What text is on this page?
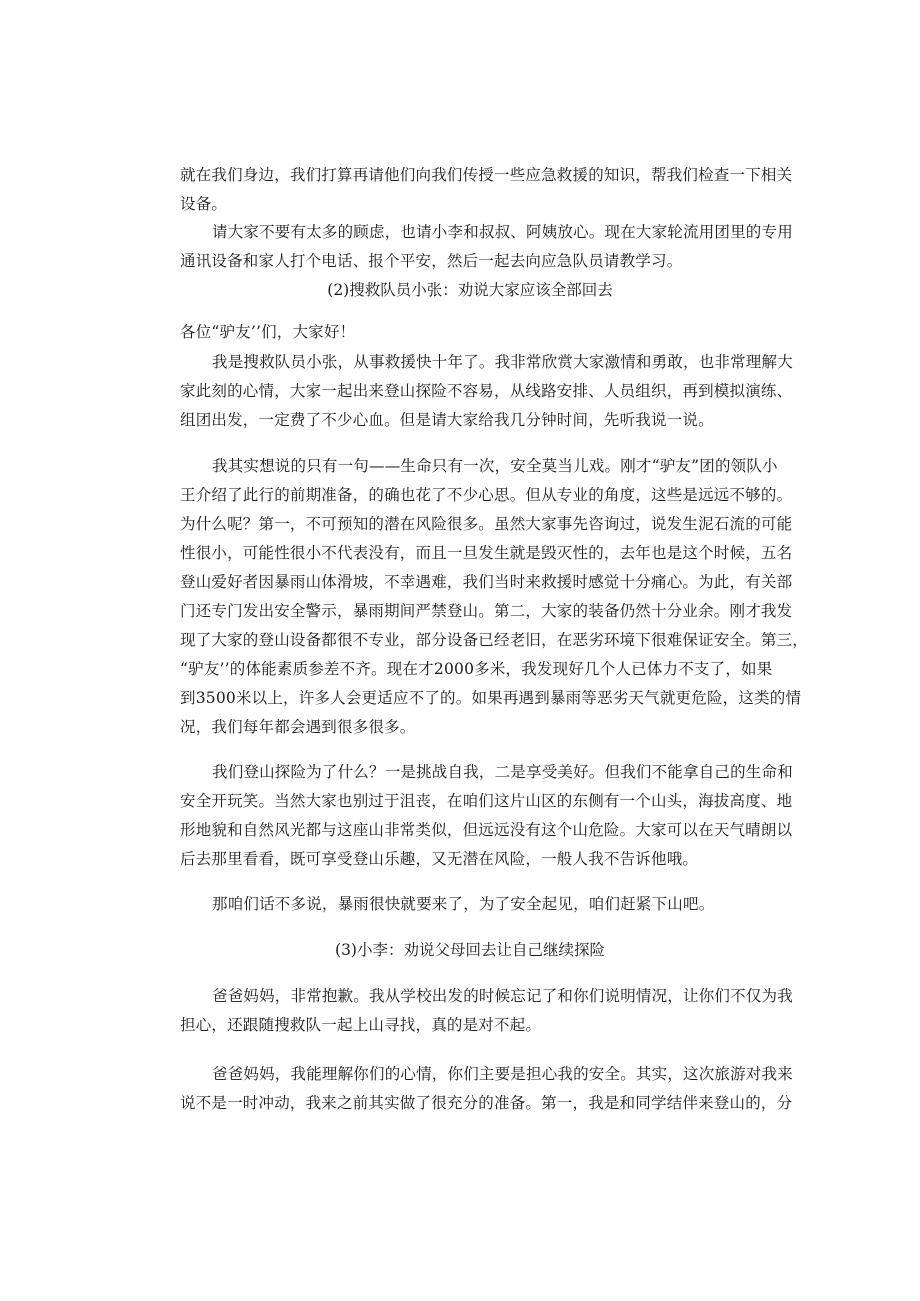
就在我们身边，我们打算再请他们向我们传授一些应急救援的知识，帮我们检查一下相关
设备。
请大家不要有太多的顾虑，也请小李和叔叔、阿姨放心。现在大家轮流用团里的专用
通讯设备和家人打个电话、报个平安，然后一起去向应急队员请教学习。
(2)搜救队员小张：劝说大家应该全部回去
各位“驴友’’们，大家好！
我是搜救队员小张，从事救援快十年了。我非常欣赏大家激情和勇敢，也非常理解大
家此刻的心情，大家一起出来登山探险不容易，从线路安排、人员组织，再到模拟演练、
组团出发，一定费了不少心血。但是请大家给我几分钟时间，先听我说一说。
我其实想说的只有一句——生命只有一次，安全莫当儿戏。刚才“驴友”团的领队小
王介绍了此行的前期准备，的确也花了不少心思。但从专业的角度，这些是远远不够的。
为什么呢？第一，不可预知的潜在风险很多。虽然大家事先咨询过，说发生泥石流的可能
性很小，可能性很小不代表没有，而且一旦发生就是毁灭性的，去年也是这个时候，五名
登山爱好者因暴雨山体滑坡，不幸遇难，我们当时来救援时感觉十分痛心。为此，有关部
门还专门发出安全警示，暴雨期间严禁登山。第二，大家的装备仍然十分业余。刚才我发
现了大家的登山设备都很不专业，部分设备已经老旧，在恶劣环境下很难保证安全。第三，
“驴友’’的体能素质参差不齐。现在才2000多米，我发现好几个人已体力不支了，如果
到3500米以上，许多人会更适应不了的。如果再遇到暴雨等恶劣天气就更危险，这类的情
况，我们每年都会遇到很多很多。
我们登山探险为了什么？一是挑战自我，二是享受美好。但我们不能拿自己的生命和
安全开玩笑。当然大家也别过于沮丧，在咱们这片山区的东侧有一个山头，海拔高度、地
形地貌和自然风光都与这座山非常类似，但远远没有这个山危险。大家可以在天气晴朗以
后去那里看看，既可享受登山乐趣，又无潜在风险，一般人我不告诉他哦。
那咱们话不多说，暴雨很快就要来了，为了安全起见，咱们赶紧下山吧。
(3)小李：劝说父母回去让自己继续探险
爸爸妈妈，非常抱歉。我从学校出发的时候忘记了和你们说明情况，让你们不仅为我
担心，还跟随搜救队一起上山寻找，真的是对不起。
爸爸妈妈，我能理解你们的心情，你们主要是担心我的安全。其实，这次旅游对我来
说不是一时冲动，我来之前其实做了很充分的准备。第一，我是和同学结伴来登山的，分
